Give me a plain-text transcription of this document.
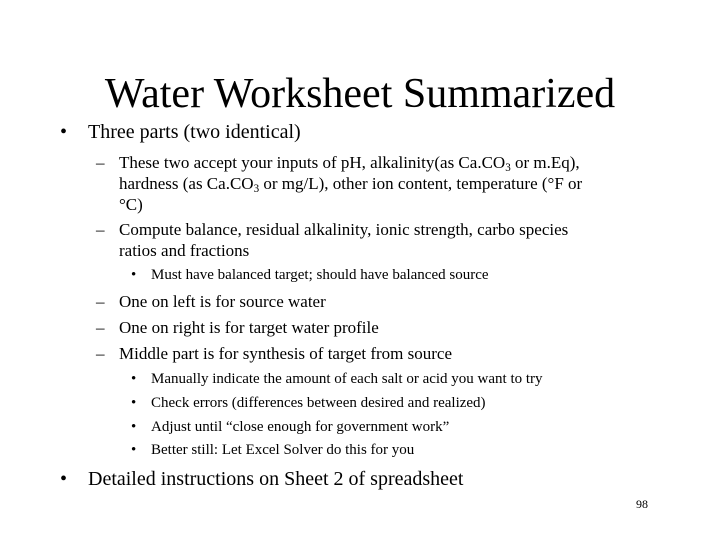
Water Worksheet Summarized
• Three parts (two identical)
– These two accept your inputs of pH, alkalinity(as $Ca.CO_3$ or m.Eq),
hardness (as $Ca.CO_3$ or mg/L), other ion content, temperature (°F or
°C)
– Compute balance, residual alkalinity, ionic strength, carbo species
ratios and fractions
• Must have balanced target; should have balanced source
– One on left is for source water
– One on right is for target water profile
– Middle part is for synthesis of target from source
• Manually indicate the amount of each salt or acid you want to try
• Check errors (differences between desired and realized)
• Adjust until “close enough for government work”
• Better still: Let Excel Solver do this for you
• Detailed instructions on Sheet 2 of spreadsheet
98
